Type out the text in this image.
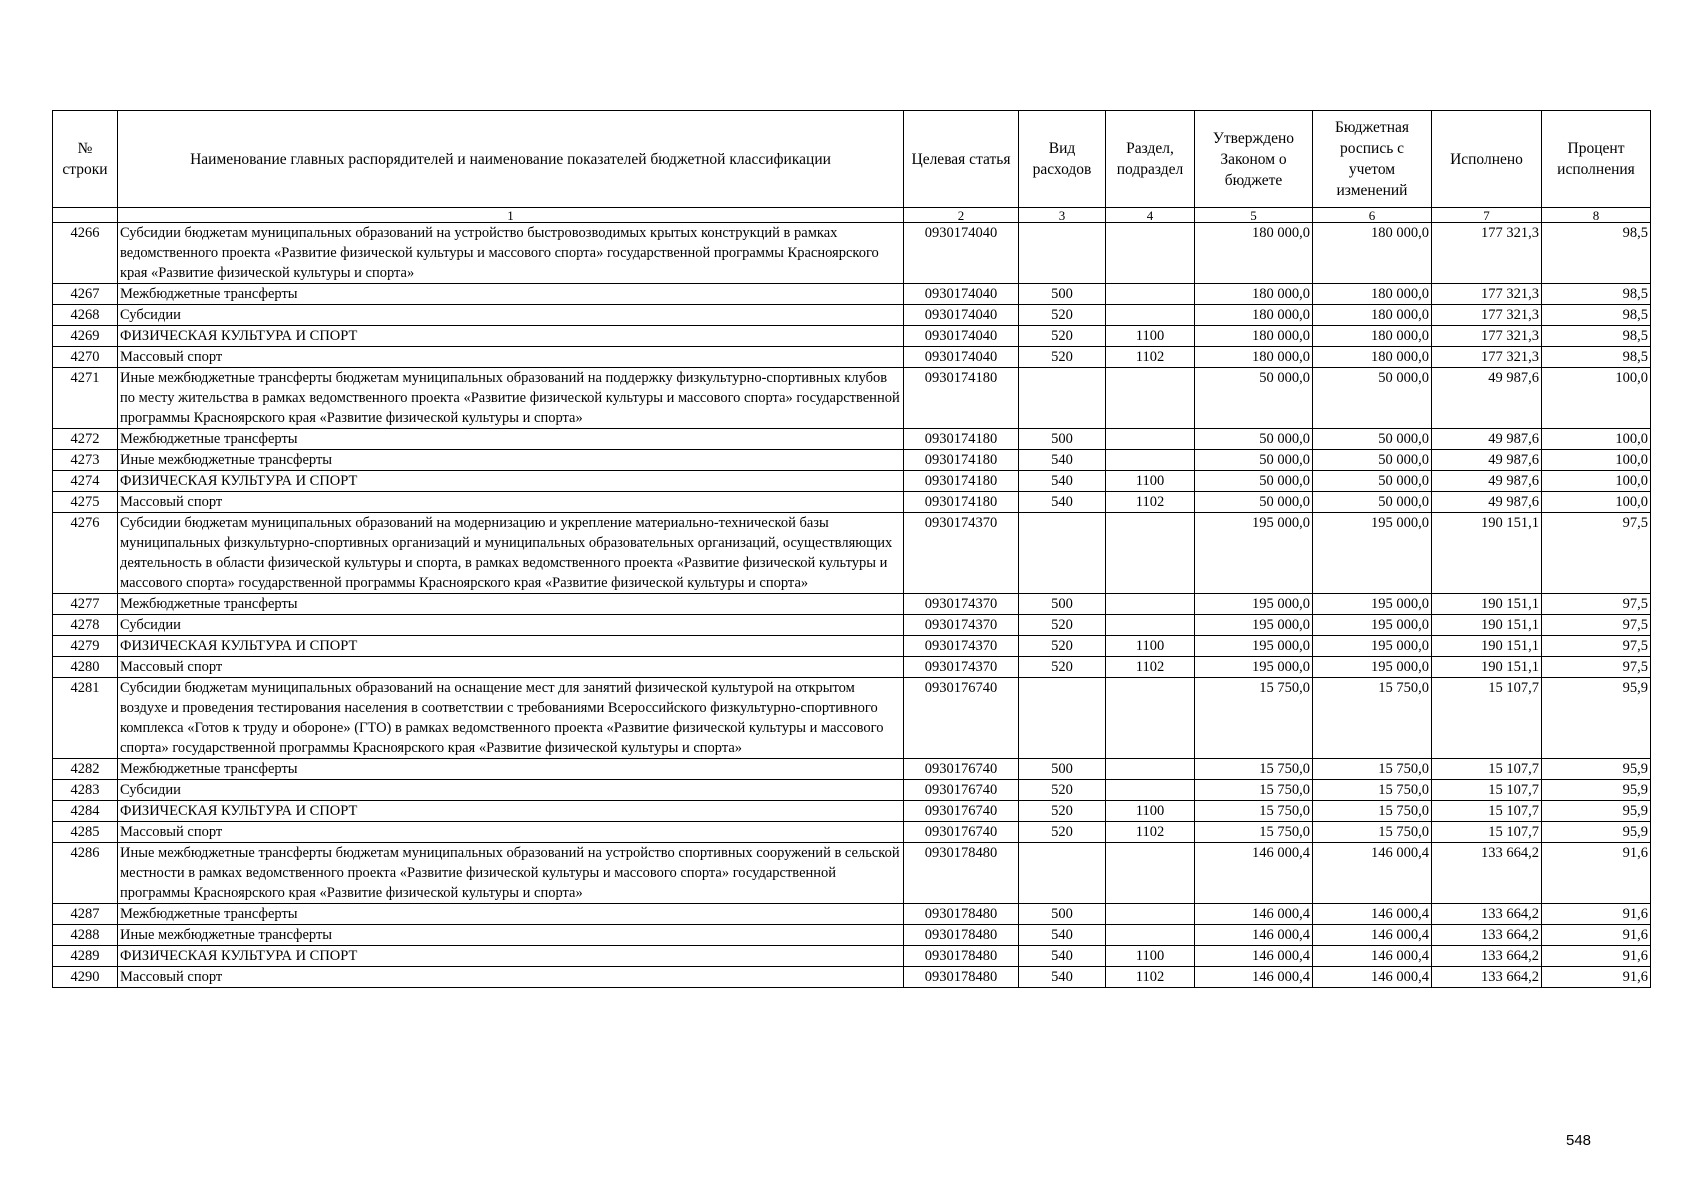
№ строки	Наименование главных распорядителей и наименование показателей бюджетной классификации	Целевая статья	Вид расходов	Раздел, подраздел	Утверждено Законом о бюджете	Бюджетная роспись с учетом изменений	Исполнено	Процент исполнения
	1	2	3	4	5	6	7	8
4266	Субсидии бюджетам муниципальных образований на устройство быстровозводимых крытых конструкций в рамках ведомственного проекта «Развитие физической культуры и массового спорта» государственной программы Красноярского края «Развитие физической культуры и спорта»	0930174040			180 000,0	180 000,0	177 321,3	98,5
4267	Межбюджетные трансферты	0930174040	500		180 000,0	180 000,0	177 321,3	98,5
4268	Субсидии	0930174040	520		180 000,0	180 000,0	177 321,3	98,5
4269	ФИЗИЧЕСКАЯ КУЛЬТУРА И СПОРТ	0930174040	520	1100	180 000,0	180 000,0	177 321,3	98,5
4270	Массовый спорт	0930174040	520	1102	180 000,0	180 000,0	177 321,3	98,5
4271	Иные межбюджетные трансферты бюджетам муниципальных образований на поддержку физкультурно-спортивных клубов по месту жительства в рамках ведомственного проекта «Развитие физической культуры и массового спорта» государственной программы Красноярского края «Развитие физической культуры и спорта»	0930174180			50 000,0	50 000,0	49 987,6	100,0
4272	Межбюджетные трансферты	0930174180	500		50 000,0	50 000,0	49 987,6	100,0
4273	Иные межбюджетные трансферты	0930174180	540		50 000,0	50 000,0	49 987,6	100,0
4274	ФИЗИЧЕСКАЯ КУЛЬТУРА И СПОРТ	0930174180	540	1100	50 000,0	50 000,0	49 987,6	100,0
4275	Массовый спорт	0930174180	540	1102	50 000,0	50 000,0	49 987,6	100,0
4276	Субсидии бюджетам муниципальных образований на модернизацию и укрепление материально-технической базы муниципальных физкультурно-спортивных организаций и муниципальных образовательных организаций, осуществляющих деятельность в области физической культуры и спорта, в рамках ведомственного проекта «Развитие физической культуры и массового спорта» государственной программы Красноярского края «Развитие физической культуры и спорта»	0930174370			195 000,0	195 000,0	190 151,1	97,5
4277	Межбюджетные трансферты	0930174370	500		195 000,0	195 000,0	190 151,1	97,5
4278	Субсидии	0930174370	520		195 000,0	195 000,0	190 151,1	97,5
4279	ФИЗИЧЕСКАЯ КУЛЬТУРА И СПОРТ	0930174370	520	1100	195 000,0	195 000,0	190 151,1	97,5
4280	Массовый спорт	0930174370	520	1102	195 000,0	195 000,0	190 151,1	97,5
4281	Субсидии бюджетам муниципальных образований на оснащение мест для занятий физической культурой на открытом воздухе и проведения тестирования населения в соответствии с требованиями Всероссийского физкультурно-спортивного комплекса «Готов к труду и обороне» (ГТО) в рамках ведомственного проекта «Развитие физической культуры и массового спорта» государственной программы Красноярского края «Развитие физической культуры и спорта»	0930176740			15 750,0	15 750,0	15 107,7	95,9
4282	Межбюджетные трансферты	0930176740	500		15 750,0	15 750,0	15 107,7	95,9
4283	Субсидии	0930176740	520		15 750,0	15 750,0	15 107,7	95,9
4284	ФИЗИЧЕСКАЯ КУЛЬТУРА И СПОРТ	0930176740	520	1100	15 750,0	15 750,0	15 107,7	95,9
4285	Массовый спорт	0930176740	520	1102	15 750,0	15 750,0	15 107,7	95,9
4286	Иные межбюджетные трансферты бюджетам муниципальных образований на устройство спортивных сооружений в сельской местности в рамках ведомственного проекта «Развитие физической культуры и массового спорта» государственной программы Красноярского края «Развитие физической культуры и спорта»	0930178480			146 000,4	146 000,4	133 664,2	91,6
4287	Межбюджетные трансферты	0930178480	500		146 000,4	146 000,4	133 664,2	91,6
4288	Иные межбюджетные трансферты	0930178480	540		146 000,4	146 000,4	133 664,2	91,6
4289	ФИЗИЧЕСКАЯ КУЛЬТУРА И СПОРТ	0930178480	540	1100	146 000,4	146 000,4	133 664,2	91,6
4290	Массовый спорт	0930178480	540	1102	146 000,4	146 000,4	133 664,2	91,6
548
